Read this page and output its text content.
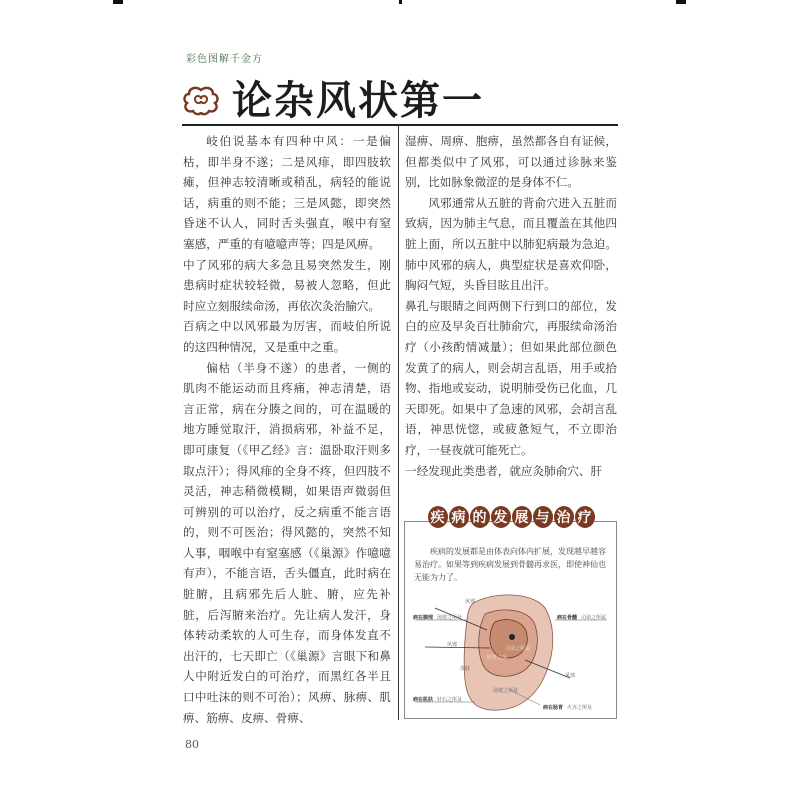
彩色图解千金方
论杂风状第一

岐伯说基本有四种中风：一是偏枯，即半身不遂；二是风痱，即四肢软瘫，但神志较清晰或稍乱，病轻的能说话，病重的则不能；三是风懿，即突然昏迷不认人，同时舌头强直，喉中有窒塞感，严重的有噫噫声等；四是风痹。

中了风邪的病大多急且易突然发生，刚患病时症状较轻微，易被人忽略，但此时应立刻服续命汤，再依次灸治腧穴。

百病之中以风邪最为厉害，而岐伯所说的这四种情况，又是重中之重。

偏枯（半身不遂）的患者，一侧的肌肉不能运动而且疼痛，神志清楚，语言正常，病在分腠之间的，可在温暖的地方睡觉取汗，消损病邪，补益不足，即可康复（《甲乙经》言：温卧取汗则多取点汗）；得风痱的全身不疼，但四肢不灵活，神志稍微模糊，如果语声微弱但可辨别的可以治疗，反之病重不能言语的，则不可医治；得风懿的，突然不知人事，咽喉中有窒塞感（《巢源》作噫噫有声），不能言语，舌头僵直，此时病在脏腑，且病邪先后人脏、腑，应先补脏，后泻腑来治疗。先让病人发汗，身体转动柔软的人可生存，而身体发直不出汗的，七天即亡（《巢源》言眼下和鼻人中附近发白的可治疗，而黑红各半且口中吐沫的则不可治）；风痹、脉痹、肌痹、筋痹、皮痹、骨痹、

湿痹、周痹、胞痹，虽然都各自有证候，但都类似中了风邪，可以通过诊脉来鉴别，比如脉象微涩的是身体不仁。

风邪通常从五脏的背俞穴进入五脏而致病，因为肺主气息，而且覆盖在其他四脏上面，所以五脏中以肺犯病最为急迫。肺中风邪的病人，典型症状是喜欢仰卧，胸闷气短，头昏目眩且出汗。

鼻孔与眼睛之间两侧下行到口的部位，发白的应及早灸百壮肺俞穴，再服续命汤治疗（小孩酌情减量）；但如果此部位颜色发黄了的病人，则会胡言乱语，用手或拾物、指地或妄动，说明肺受伤已化血，几天即死。如果中了急速的风邪，会胡言乱语，神思恍惚，或疲惫短气，不立即治疗，一昼夜就可能死亡。

一经发现此类患者，就应灸肺俞穴、肝

疾 病 的 发 展 与 治 疗
疾病的发展都是由体表向体内扩展，发现越早越容易治疗。如果等到疾病发展到骨髓再求医，即使神仙也无能为力了。
风邪
病在腠理 汤熨之所及
风邪
皮肤
病在肌肤 针石之所及
病在骨髓 司命之所属
风邪
病在肠胃 火齐之所及
司命之所属
肠胃之所
汤熨之所及
80
